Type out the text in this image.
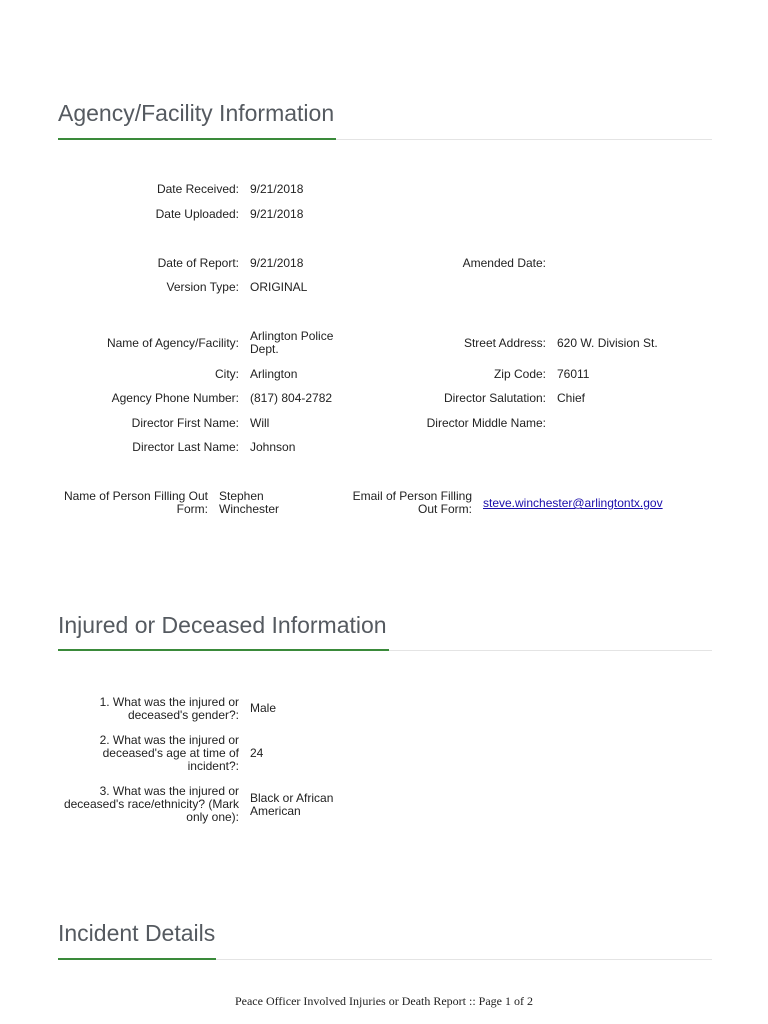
Agency/Facility Information
Date Received: 9/21/2018
Date Uploaded: 9/21/2018
Date of Report: 9/21/2018	Amended Date:
Version Type: ORIGINAL
Name of Agency/Facility: Arlington Police Dept.	Street Address: 620 W. Division St.
City: Arlington	Zip Code: 76011
Agency Phone Number: (817) 804-2782	Director Salutation: Chief
Director First Name: Will	Director Middle Name:
Director Last Name: Johnson
Name of Person Filling Out Form:
Stephen Winchester
Email of Person Filling Out Form: steve.winchester@arlingtontx.gov
Injured or Deceased Information
1. What was the injured or deceased's gender?: Male
2. What was the injured or deceased's age at time of incident?:
24
3. What was the injured or deceased's race/ethnicity? (Mark only one):
Black or African American
Incident Details
Peace Officer Involved Injuries or Death Report :: Page 1 of 2
